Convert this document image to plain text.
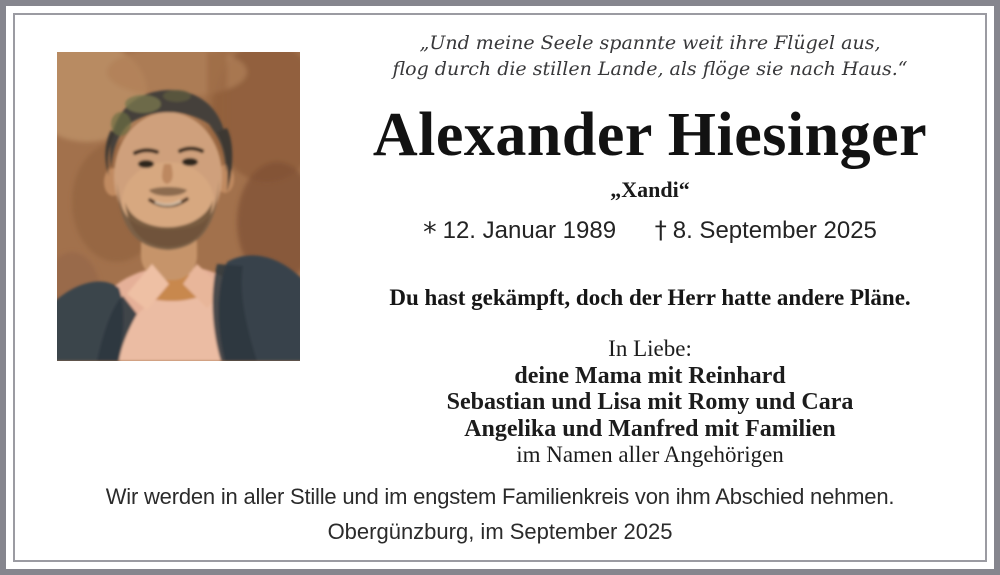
„Und meine Seele spannte weit ihre Flügel aus,
flog durch die stillen Lande, als flöge sie nach Haus.“
Alexander Hiesinger
„Xandi“
* 12. Januar 1989 † 8. September 2025
Du hast gekämpft, doch der Herr hatte andere Pläne.
In Liebe:
deine Mama mit Reinhard
Sebastian und Lisa mit Romy und Cara
Angelika und Manfred mit Familien
im Namen aller Angehörigen
Wir werden in aller Stille und im engstem Familienkreis von ihm Abschied nehmen.
Obergünzburg, im September 2025
